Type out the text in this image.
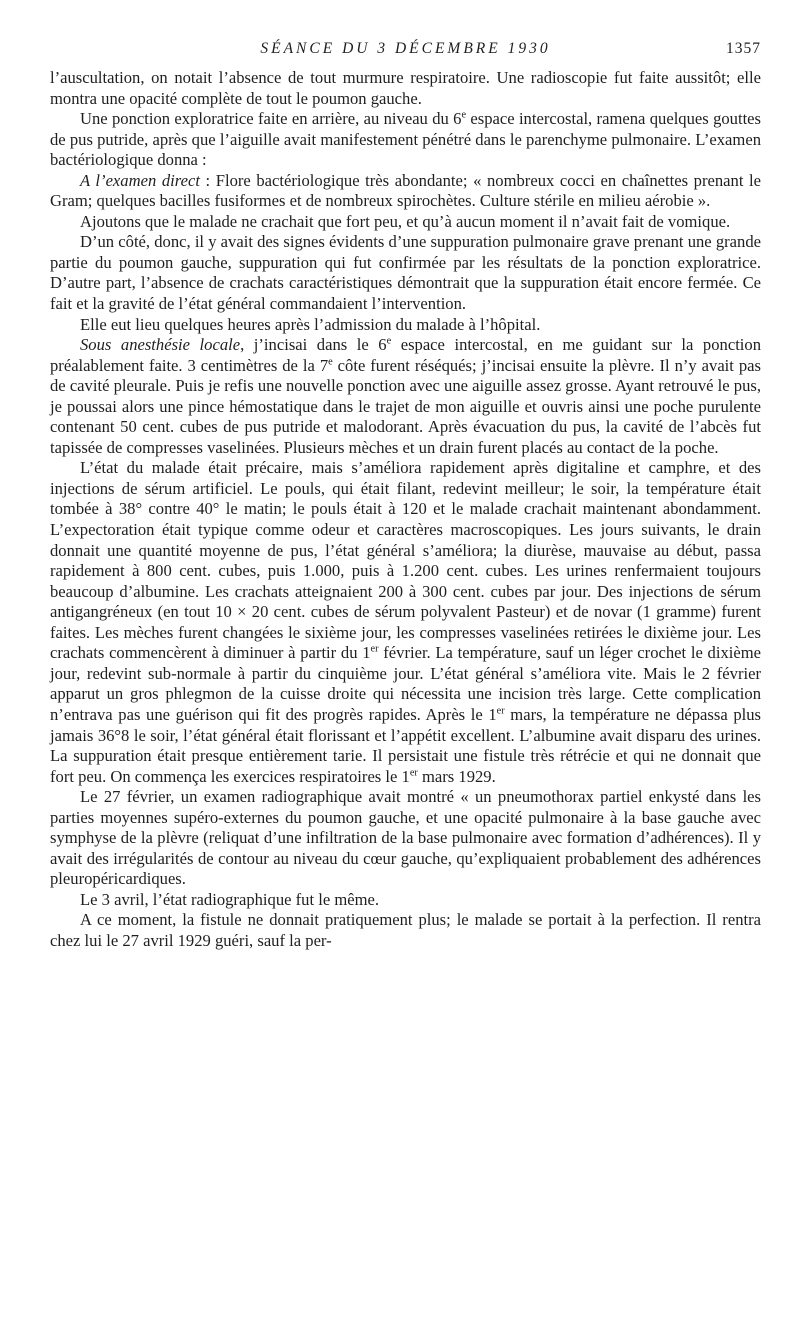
SÉANCE DU 3 DÉCEMBRE 1930	1357

l’auscultation, on notait l’absence de tout murmure respiratoire. Une radioscopie fut faite aussitôt; elle montra une opacité complète de tout le poumon gauche.

Une ponction exploratrice faite en arrière, au niveau du 6e espace intercostal, ramena quelques gouttes de pus putride, après que l’aiguille avait manifestement pénétré dans le parenchyme pulmonaire. L’examen bactériologique donna :

A l’examen direct : Flore bactériologique très abondante; « nombreux cocci en chaînettes prenant le Gram; quelques bacilles fusiformes et de nombreux spirochètes. Culture stérile en milieu aérobie ».

Ajoutons que le malade ne crachait que fort peu, et qu’à aucun moment il n’avait fait de vomique.

D’un côté, donc, il y avait des signes évidents d’une suppuration pulmonaire grave prenant une grande partie du poumon gauche, suppuration qui fut confirmée par les résultats de la ponction exploratrice. D’autre part, l’absence de crachats caractéristiques démontrait que la suppuration était encore fermée. Ce fait et la gravité de l’état général commandaient l’intervention.

Elle eut lieu quelques heures après l’admission du malade à l’hôpital.

Sous anesthésie locale, j’incisai dans le 6e espace intercostal, en me guidant sur la ponction préalablement faite. 3 centimètres de la 7e côte furent réséqués; j’incisai ensuite la plèvre. Il n’y avait pas de cavité pleurale. Puis je refis une nouvelle ponction avec une aiguille assez grosse. Ayant retrouvé le pus, je poussai alors une pince hémostatique dans le trajet de mon aiguille et ouvris ainsi une poche purulente contenant 50 cent. cubes de pus putride et malodorant. Après évacuation du pus, la cavité de l’abcès fut tapissée de compresses vaselinées. Plusieurs mèches et un drain furent placés au contact de la poche.

L’état du malade était précaire, mais s’améliora rapidement après digitaline et camphre, et des injections de sérum artificiel. Le pouls, qui était filant, redevint meilleur; le soir, la température était tombée à 38° contre 40° le matin; le pouls était à 120 et le malade crachait maintenant abondamment. L’expectoration était typique comme odeur et caractères macroscopiques. Les jours suivants, le drain donnait une quantité moyenne de pus, l’état général s’améliora; la diurèse, mauvaise au début, passa rapidement à 800 cent. cubes, puis 1.000, puis à 1.200 cent. cubes. Les urines renfermaient toujours beaucoup d’albumine. Les crachats atteignaient 200 à 300 cent. cubes par jour. Des injections de sérum antigangréneux (en tout 10 × 20 cent. cubes de sérum polyvalent Pasteur) et de novar (1 gramme) furent faites. Les mèches furent changées le sixième jour, les compresses vaselinées retirées le dixième jour. Les crachats commencèrent à diminuer à partir du 1er février. La température, sauf un léger crochet le dixième jour, redevint sub-normale à partir du cinquième jour. L’état général s’améliora vite. Mais le 2 février apparut un gros phlegmon de la cuisse droite qui nécessita une incision très large. Cette complication n’entrava pas une guérison qui fit des progrès rapides. Après le 1er mars, la température ne dépassa plus jamais 36°8 le soir, l’état général était florissant et l’appétit excellent. L’albumine avait disparu des urines. La suppuration était presque entièrement tarie. Il persistait une fistule très rétrécie et qui ne donnait que fort peu. On commença les exercices respiratoires le 1er mars 1929.

Le 27 février, un examen radiographique avait montré « un pneumothorax partiel enkysté dans les parties moyennes supéro-externes du poumon gauche, et une opacité pulmonaire à la base gauche avec symphyse de la plèvre (reliquat d’une infiltration de la base pulmonaire avec formation d’adhérences). Il y avait des irrégularités de contour au niveau du cœur gauche, qu’expliquaient probablement des adhérences pleuropéricardiques.

Le 3 avril, l’état radiographique fut le même.

A ce moment, la fistule ne donnait pratiquement plus; le malade se portait à la perfection. Il rentra chez lui le 27 avril 1929 guéri, sauf la per-
